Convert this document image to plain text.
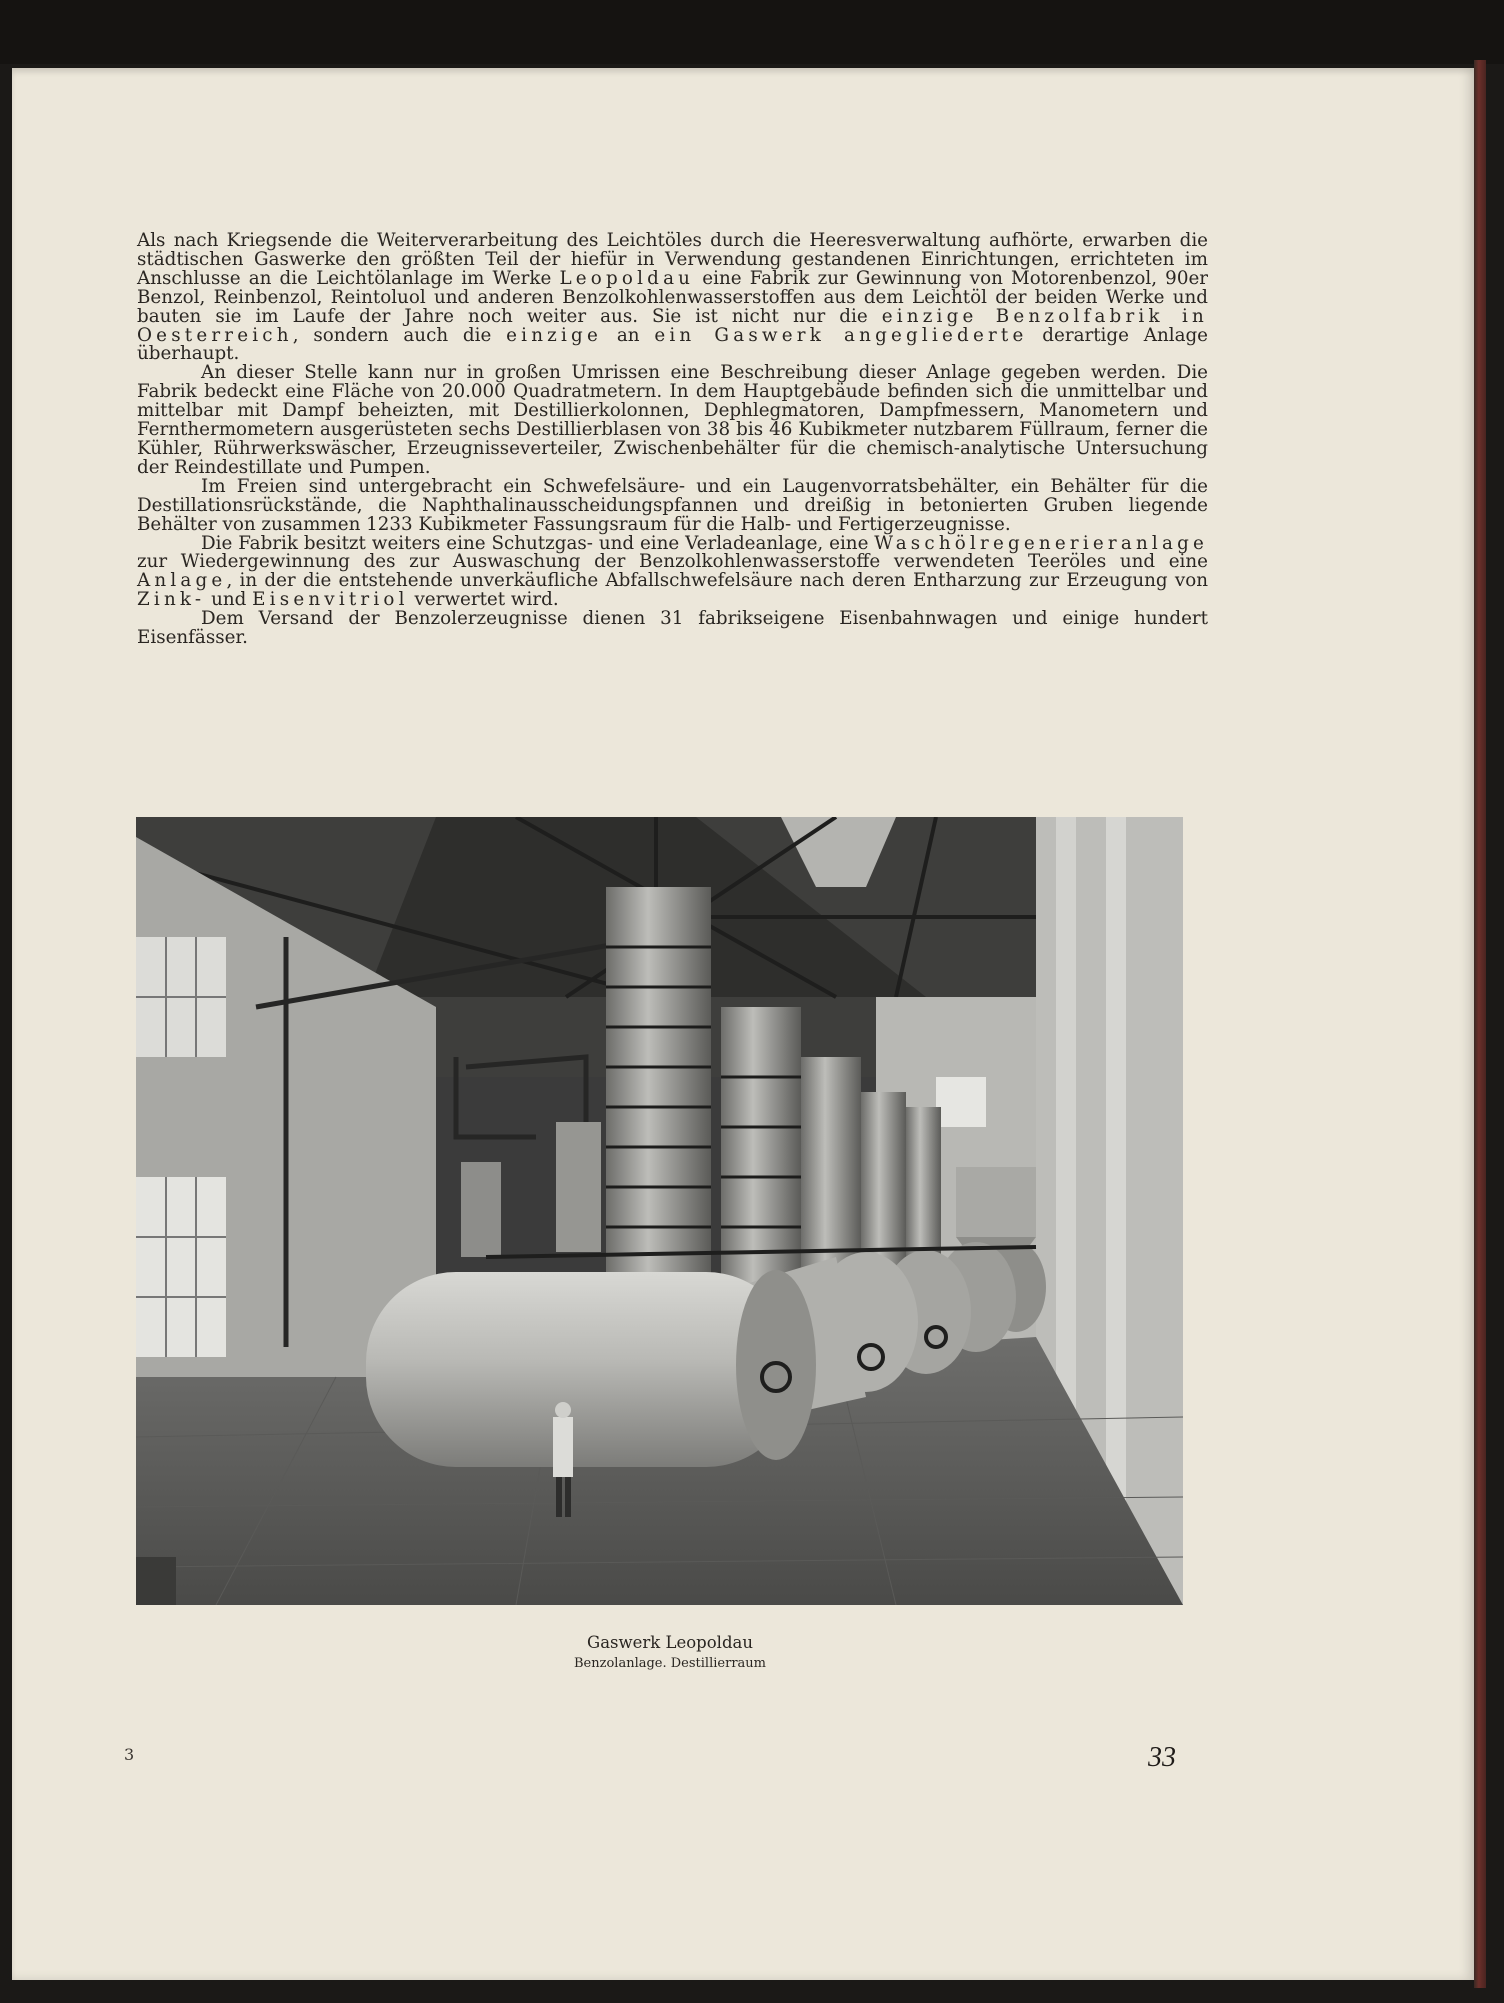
Als nach Kriegsende die Weiterverarbeitung des Leichtöles durch die Heeresverwaltung aufhörte, erwarben die städtischen Gaswerke den größten Teil der hiefür in Verwendung gestandenen Einrichtungen, errichteten im Anschlusse an die Leichtölanlage im Werke Leopoldau eine Fabrik zur Gewinnung von Motorenbenzol, 90er Benzol, Reinbenzol, Reintoluol und anderen Benzolkohlenwasserstoffen aus dem Leichtöl der beiden Werke und bauten sie im Laufe der Jahre noch weiter aus. Sie ist nicht nur die einzige Benzolfabrik in Oesterreich, sondern auch die einzige an ein Gaswerk angegliederte derartige Anlage überhaupt.

An dieser Stelle kann nur in großen Umrissen eine Beschreibung dieser Anlage gegeben werden. Die Fabrik bedeckt eine Fläche von 20.000 Quadratmetern. In dem Hauptgebäude befinden sich die unmittelbar und mittelbar mit Dampf beheizten, mit Destillierkolonnen, Dephlegmatoren, Dampfmessern, Manometern und Fernthermometern ausgerüsteten sechs Destillierblasen von 38 bis 46 Kubikmeter nutzbarem Füllraum, ferner die Kühler, Rührwerkswäscher, Erzeugnisseverteiler, Zwischenbehälter für die chemisch-analytische Untersuchung der Reindestillate und Pumpen.

Im Freien sind untergebracht ein Schwefelsäure- und ein Laugenvorratsbehälter, ein Behälter für die Destillationsrückstände, die Naphthalinausscheidungspfannen und dreißig in betonierten Gruben liegende Behälter von zusammen 1233 Kubikmeter Fassungsraum für die Halb- und Fertigerzeugnisse.

Die Fabrik besitzt weiters eine Schutzgas- und eine Verladeanlage, eine Waschölregenerieranlage zur Wiedergewinnung des zur Auswaschung der Benzolkohlenwasserstoffe verwendeten Teeröles und eine Anlage, in der die entstehende unverkäufliche Abfallschwefelsäure nach deren Entharzung zur Erzeugung von Zink- und Eisenvitriol verwertet wird.

Dem Versand der Benzolerzeugnisse dienen 31 fabrikseigene Eisenbahnwagen und einige hundert Eisenfässer.

Gaswerk Leopoldau
Benzolanlage. Destillierraum
3	33
